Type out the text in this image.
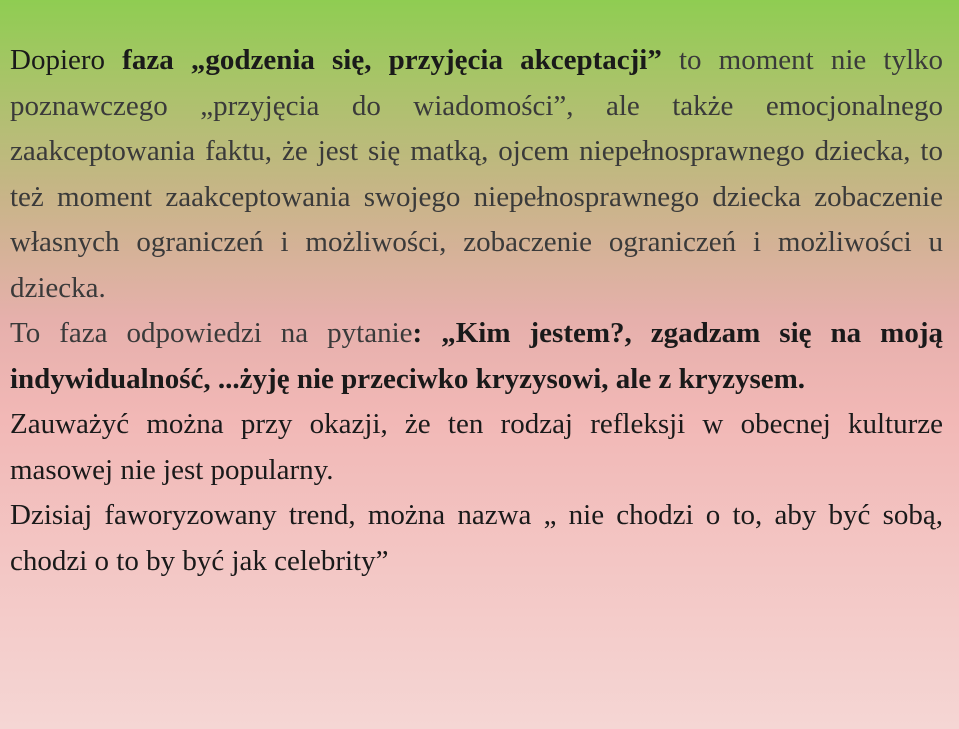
Dopiero faza „godzenia się, przyjęcia akceptacji” to moment nie tylko poznawczego „przyjęcia do wiadomości”, ale także emocjonalnego zaakceptowania faktu, że jest się matką, ojcem niepełnosprawnego dziecka, to też moment zaakceptowania swojego niepełnosprawnego dziecka zobaczenie własnych ograniczeń i możliwości, zobaczenie ograniczeń i możliwości u dziecka.

To faza odpowiedzi na pytanie: „Kim jestem?, zgadzam się na moją indywidualność, ...żyję nie przeciwko kryzysowi, ale z kryzysem.

Zauważyć można przy okazji, że ten rodzaj refleksji w obecnej kulturze masowej nie jest popularny.

Dzisiaj faworyzowany trend, można nazwa „ nie chodzi o to, aby być sobą, chodzi o to by być jak celebrity”
